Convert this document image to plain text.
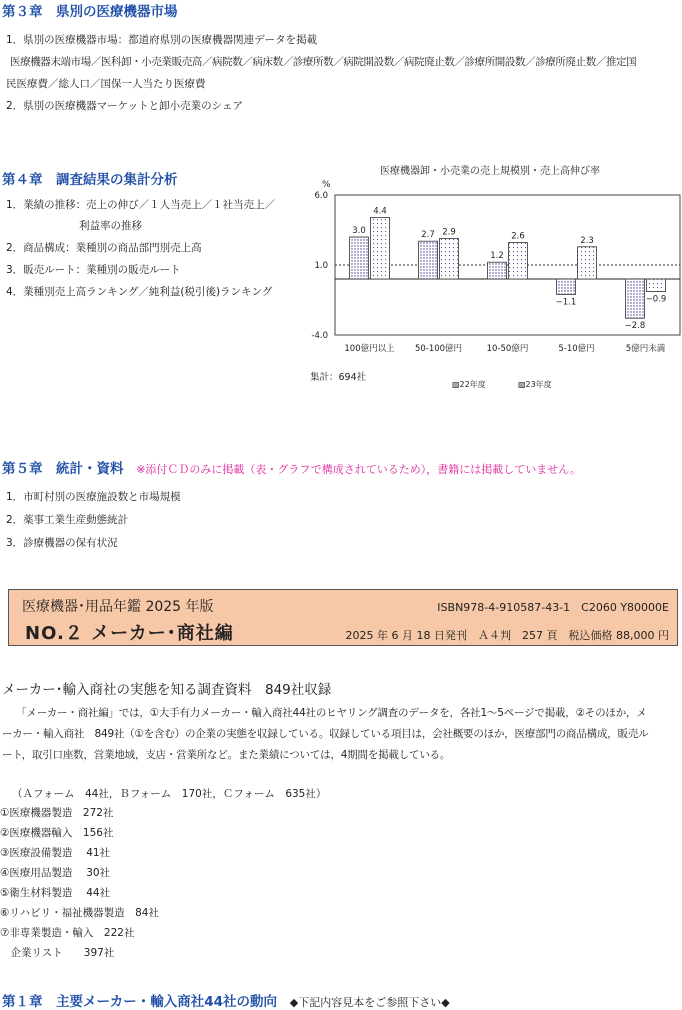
第３章　県別の医療機器市場
1．県別の医療機器市場：都道府県別の医療機器関連データを掲載
医療機器末端市場／医科卸・小売業販売高／病院数／病床数／診療所数／病院開設数／病院廃止数／診療所開設数／診療所廃止数／推定国
民医療費／総人口／国保一人当たり医療費
2．県別の医療機器マーケットと卸小売業のシェア
第４章　調査結果の集計分析
1．業績の推移：売上の伸び／１人当売上／１社当売上／
利益率の推移
2．商品構成：業種別の商品部門別売上高
3．販売ルート：業種別の販売ルート
4．業種別売上高ランキング／純利益(税引後)ランキング
医療機器卸・小売業の売上規模別・売上高伸び率
%
6.0
1.0
-4.0
3.0
4.4
2.7 2.9
1.2
2.6
−1.1
2.3
−2.8
−0.9
100億円以上 50-100億円	10-50億円	5-10億円	5億円未満
集計：694社
▨22年度	▨23年度
第５章　統計・資料 ※添付ＣＤのみに掲載（表・グラフで構成されているため），書籍には掲載していません。
1．市町村別の医療施設数と市場規模
2．薬事工業生産動態統計
3．診療機器の保有状況
医療機器･用品年鑑 2025 年版
NO.２ メーカー･商社編
ISBN978-4-910587-43-1　C2060 Y80000E
2025 年 6 月 18 日発刊　Ａ４判　257 頁　税込価格 88,000 円
メーカー･輸入商社の実態を知る調査資料　849社収録
「メーカー・商社編」では，①大手有力メーカー・輸入商社44社のヒヤリング調査のデータを，各社1～5ページで掲載，②そのほか，メ
ーカー・輸入商社　849社（①を含む）の企業の実態を収録している。収録している項目は，会社概要のほか，医療部門の商品構成，販売ル
ート，取引口座数，営業地域，支店・営業所など。また業績については，4期間を掲載している。
（Ａフォーム　44社，Ｂフォーム　170社，Ｃフォーム　635社）
①医療機器製造　272社
②医療機器輸入　156社
③医療設備製造　 41社
④医療用品製造　 30社
⑤衛生材料製造　 44社
⑥リハビリ・福祉機器製造　84社
⑦非専業製造・輸入　222社
　企業リスト　　397社
第１章　主要メーカー・輸入商社44社の動向 ◆下記内容見本をご参照下さい◆
